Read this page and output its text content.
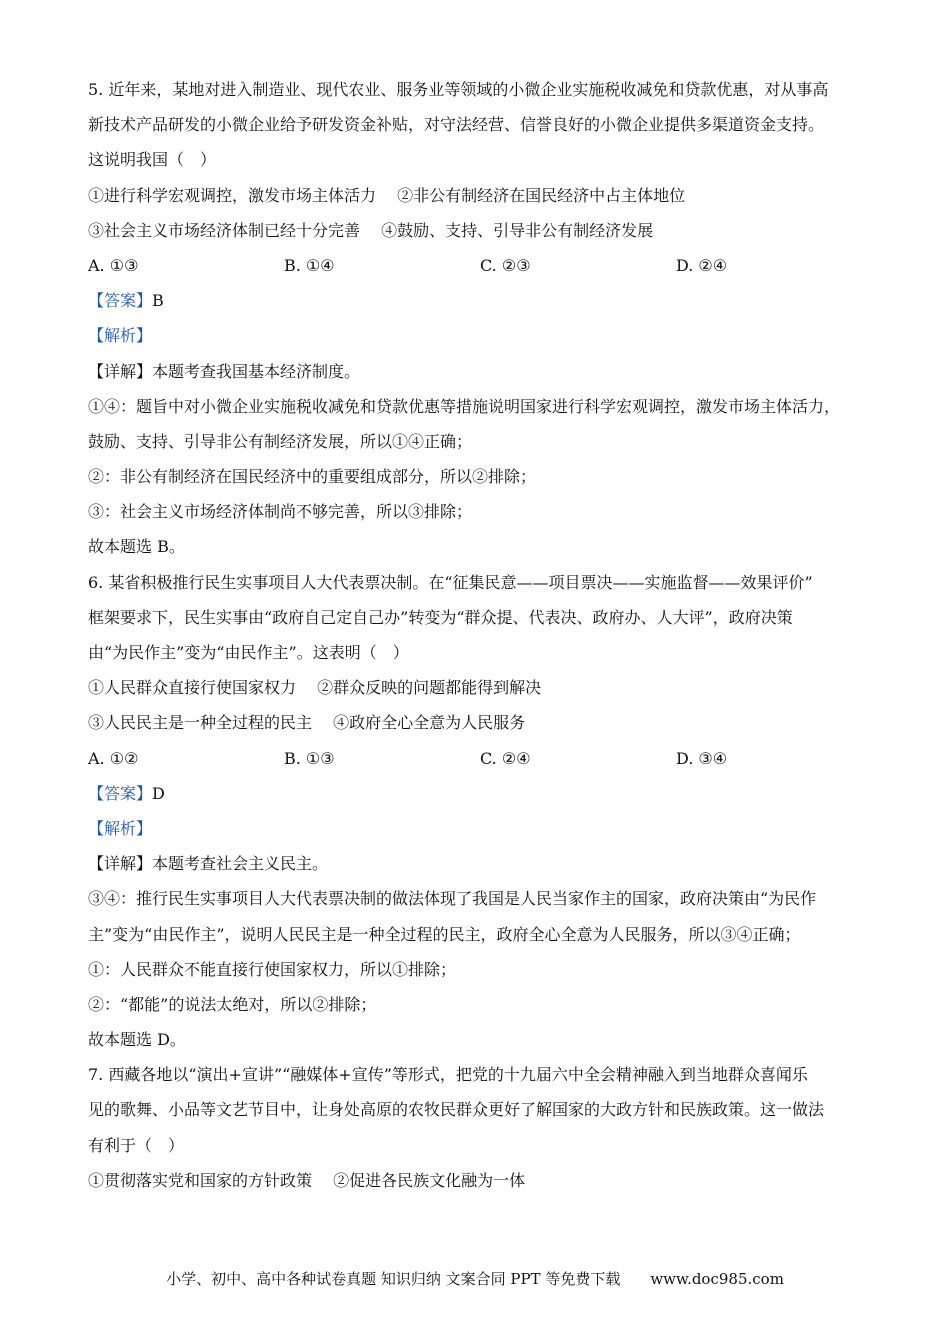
5. 近年来，某地对进入制造业、现代农业、服务业等领域的小微企业实施税收减免和贷款优惠，对从事高
新技术产品研发的小微企业给予研发资金补贴，对守法经营、信誉良好的小微企业提供多渠道资金支持。
这说明我国（　）
①进行科学宏观调控，激发市场主体活力　 ②非公有制经济在国民经济中占主体地位
③社会主义市场经济体制已经十分完善　 ④鼓励、支持、引导非公有制经济发展
A. ①③	B. ①④	C. ②③	D. ②④
【答案】B
【解析】
【详解】本题考查我国基本经济制度。
①④：题旨中对小微企业实施税收减免和贷款优惠等措施说明国家进行科学宏观调控，激发市场主体活力，
鼓励、支持、引导非公有制经济发展，所以①④正确；
②：非公有制经济在国民经济中的重要组成部分，所以②排除；
③：社会主义市场经济体制尚不够完善，所以③排除；
故本题选 B。
6. 某省积极推行民生实事项目人大代表票决制。在“征集民意——项目票决——实施监督——效果评价”
框架要求下，民生实事由“政府自己定自己办”转变为“群众提、代表决、政府办、人大评”，政府决策
由“为民作主”变为“由民作主”。这表明（　）
①人民群众直接行使国家权力　 ②群众反映的问题都能得到解决
③人民民主是一种全过程的民主　 ④政府全心全意为人民服务
A. ①②	B. ①③	C. ②④	D. ③④
【答案】D
【解析】
【详解】本题考查社会主义民主。
③④：推行民生实事项目人大代表票决制的做法体现了我国是人民当家作主的国家，政府决策由“为民作
主”变为“由民作主”，说明人民民主是一种全过程的民主，政府全心全意为人民服务，所以③④正确；
①：人民群众不能直接行使国家权力，所以①排除；
②：“都能”的说法太绝对，所以②排除；
故本题选 D。
7. 西藏各地以“演出+宣讲”“融媒体+宣传”等形式，把党的十九届六中全会精神融入到当地群众喜闻乐
见的歌舞、小品等文艺节目中，让身处高原的农牧民群众更好了解国家的大政方针和民族政策。这一做法
有利于（　）
①贯彻落实党和国家的方针政策　 ②促进各民族文化融为一体
小学、初中、高中各种试卷真题 知识归纳 文案合同 PPT 等免费下载 www.doc985.com
